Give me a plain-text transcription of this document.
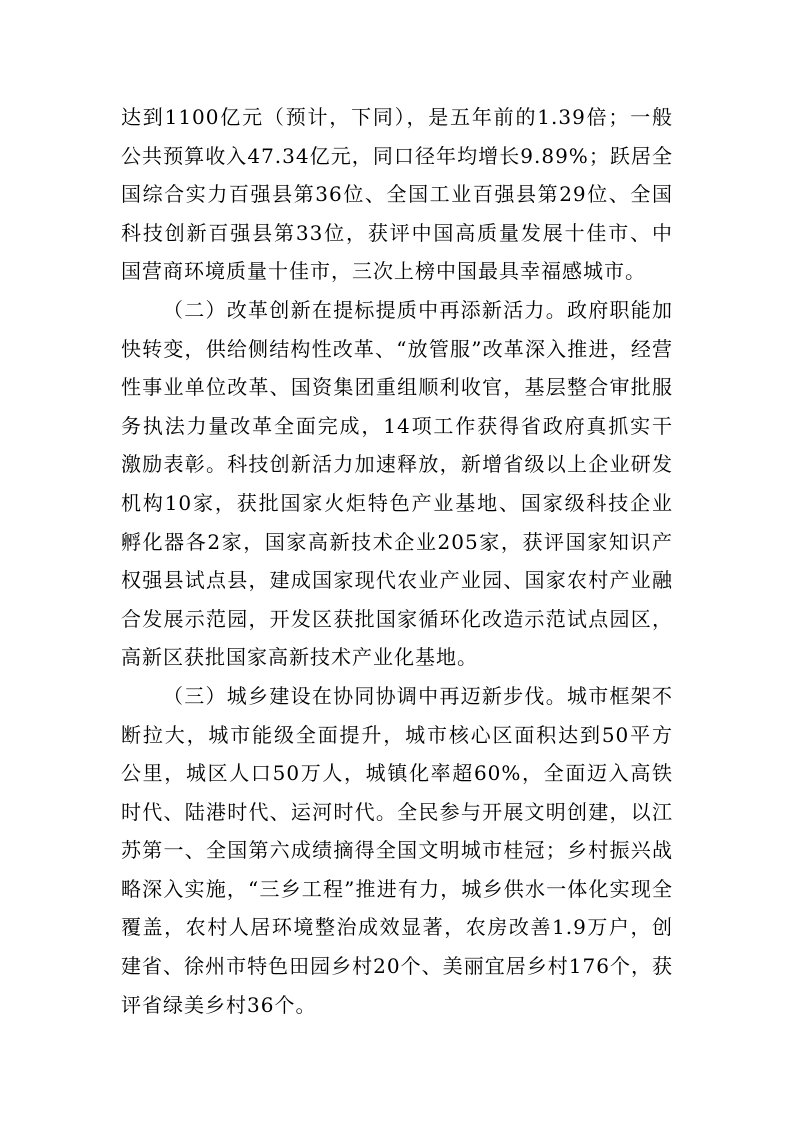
达到1100亿元（预计，下同），是五年前的1.39倍；一般公共预算收入47.34亿元，同口径年均增长9.89%；跃居全国综合实力百强县第36位、全国工业百强县第29位、全国科技创新百强县第33位，获评中国高质量发展十佳市、中国营商环境质量十佳市，三次上榜中国最具幸福感城市。

（二）改革创新在提标提质中再添新活力。政府职能加快转变，供给侧结构性改革、“放管服”改革深入推进，经营性事业单位改革、国资集团重组顺利收官，基层整合审批服务执法力量改革全面完成，14项工作获得省政府真抓实干激励表彰。科技创新活力加速释放，新增省级以上企业研发机构10家，获批国家火炬特色产业基地、国家级科技企业孵化器各2家，国家高新技术企业205家，获评国家知识产权强县试点县，建成国家现代农业产业园、国家农村产业融合发展示范园，开发区获批国家循环化改造示范试点园区，高新区获批国家高新技术产业化基地。

（三）城乡建设在协同协调中再迈新步伐。城市框架不断拉大，城市能级全面提升，城市核心区面积达到50平方公里，城区人口50万人，城镇化率超60%，全面迈入高铁时代、陆港时代、运河时代。全民参与开展文明创建，以江苏第一、全国第六成绩摘得全国文明城市桂冠；乡村振兴战略深入实施，“三乡工程”推进有力，城乡供水一体化实现全覆盖，农村人居环境整治成效显著，农房改善1.9万户，创建省、徐州市特色田园乡村20个、美丽宜居乡村176个，获评省绿美乡村36个。
